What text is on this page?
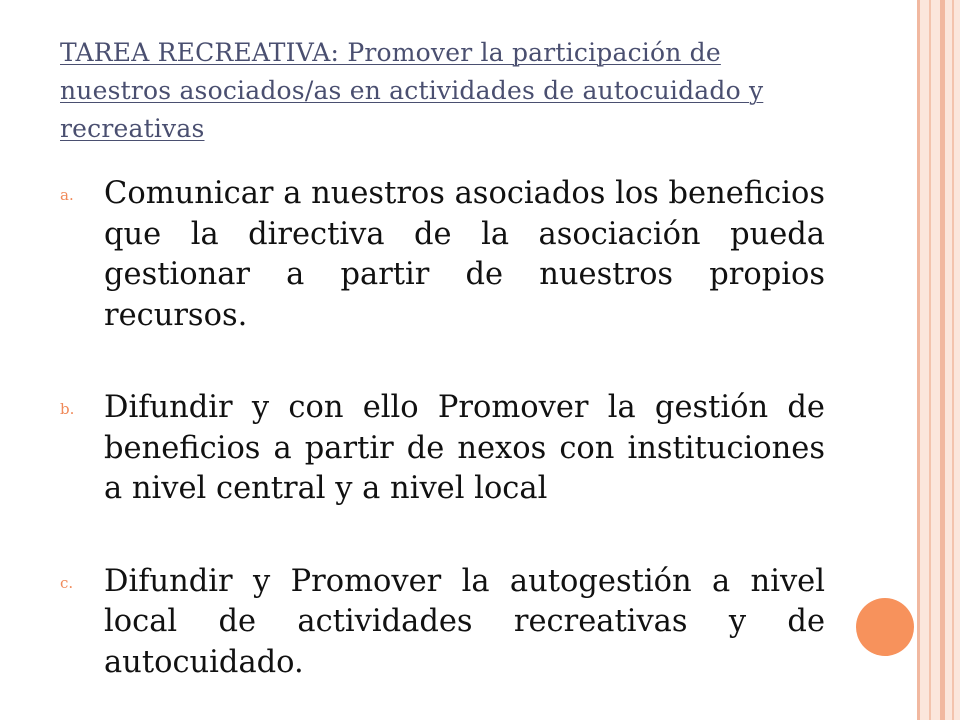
TAREA RECREATIVA: Promover la participación de nuestros asociados/as en actividades de autocuidado y recreativas
a. Comunicar a nuestros asociados los beneficios que la directiva de la asociación pueda gestionar a partir de nuestros propios recursos.
b. Difundir y con ello Promover la gestión de beneficios a partir de nexos con instituciones a nivel central y a nivel local
c. Difundir y Promover la autogestión a nivel local de actividades recreativas y de autocuidado.
